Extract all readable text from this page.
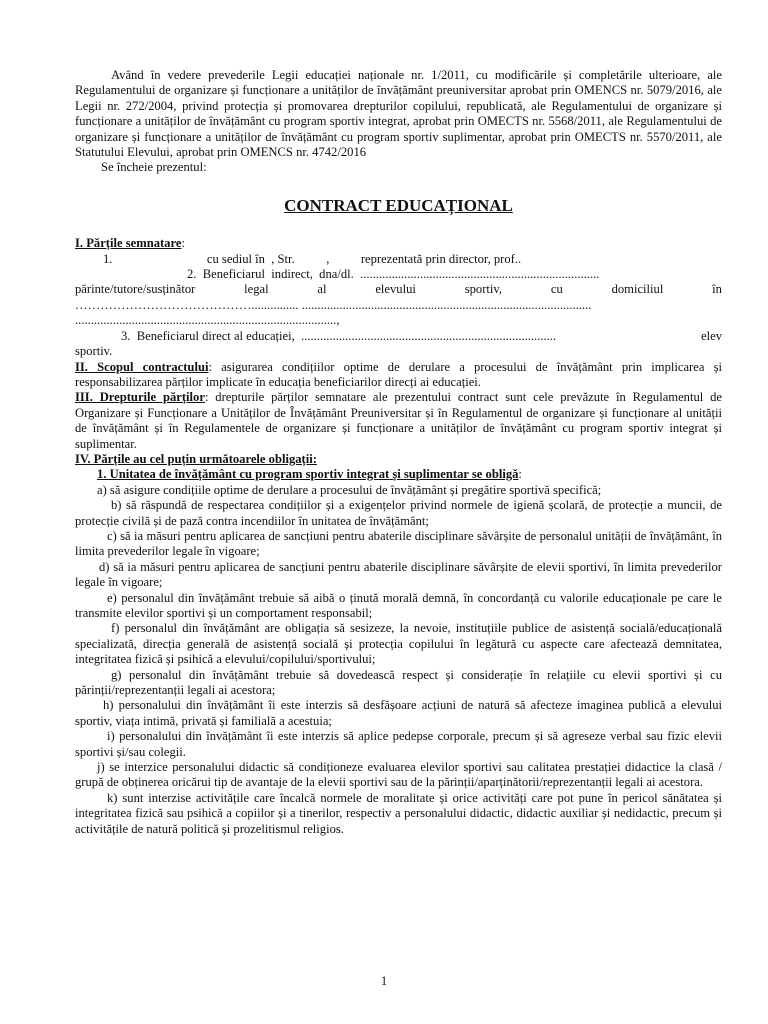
Având în vedere prevederile Legii educației naționale nr. 1/2011, cu modificările și completările ulterioare, ale Regulamentului de organizare și funcționare a unităților de învățământ preuniversitar aprobat prin OMENCS nr. 5079/2016, ale Legii nr. 272/2004, privind protecția și promovarea drepturilor copilului, republicată, ale Regulamentului de organizare și funcționare a unităților de învățământ cu program sportiv integrat, aprobat prin OMECTS nr. 5568/2011, ale Regulamentului de organizare și funcționare a unităților de învățământ cu program sportiv suplimentar, aprobat prin OMECTS nr. 5570/2011, ale Statutului Elevului, aprobat prin OMENCS nr. 4742/2016

Se încheie prezentul:

CONTRACT EDUCAȚIONAL

I. Părțile semnatare:

1.                              cu sediul în  , Str.          ,          reprezentată prin director, prof..

2.  Beneficiarul  indirect,  dna/dl.  ............................................................................

părinte/tutore/susținător	legal	al	elevului	sportiv,	cu	domiciliul	în

……………………………………............... ............................................................................................

...................................................................................,

3.  Beneficiarul direct al educației,  .................................................................................	elev

sportiv.

II. Scopul contractului: asigurarea condițiilor optime de derulare a procesului de învățământ prin implicarea și responsabilizarea părților implicate în educația beneficiarilor direcți ai educației.

III. Drepturile părților: drepturile părților semnatare ale prezentului contract sunt cele prevăzute în Regulamentul de Organizare și Funcționare a Unităților de Învățământ Preuniversitar și în Regulamentul de organizare și funcționare al unității de învățământ și în Regulamentele de organizare și funcționare a unităților de învățământ cu program sportiv integrat și suplimentar.

IV. Părțile au cel puțin următoarele obligații:

1. Unitatea de învățământ cu program sportiv integrat și suplimentar se obligă:

a) să asigure condițiile optime de derulare a procesului de învățământ și pregătire sportivă specifică;

b) să răspundă de respectarea condițiilor și a exigențelor privind normele de igienă școlară, de protecție a muncii, de protecție civilă și de pază contra incendiilor în unitatea de învățământ;

c) să ia măsuri pentru aplicarea de sancțiuni pentru abaterile disciplinare săvârșite de personalul unității de învățământ, în limita prevederilor legale în vigoare;

d) să ia măsuri pentru aplicarea de sancțiuni pentru abaterile disciplinare săvârșite de elevii sportivi, în limita prevederilor legale în vigoare;

e) personalul din învățământ trebuie să aibă o ținută morală demnă, în concordanță cu valorile educaționale pe care le transmite elevilor sportivi și un comportament responsabil;

f) personalul din învățământ are obligația să sesizeze, la nevoie, instituțiile publice de asistență socială/educațională specializată, direcția generală de asistență socială și protecția copilului în legătură cu aspecte care afectează demnitatea, integritatea fizică și psihică a elevului/copilului/sportivului;

g) personalul din învățământ trebuie să dovedească respect și considerație în relațiile cu elevii sportivi și cu părinții/reprezentanții legali ai acestora;

h) personalului din învățământ îi este interzis să desfășoare acțiuni de natură să afecteze imaginea publică a elevului sportiv, viața intimă, privată și familială a acestuia;

i) personalului din învățământ îi este interzis să aplice pedepse corporale, precum și să agreseze verbal sau fizic elevii sportivi și/sau colegii.

j) se interzice personalului didactic să condiționeze evaluarea elevilor sportivi sau calitatea prestației didactice la clasă / grupă de obținerea oricărui tip de avantaje de la elevii sportivi sau de la părinții/aparținătorii/reprezentanții legali ai acestora.

k) sunt interzise activitățile care încalcă normele de moralitate și orice activități care pot pune în pericol sănătatea și integritatea fizică sau psihică a copiilor și a tinerilor, respectiv a personalului didactic, didactic auxiliar și nedidactic, precum și activitățile de natură politică și prozelitismul religios.

1
